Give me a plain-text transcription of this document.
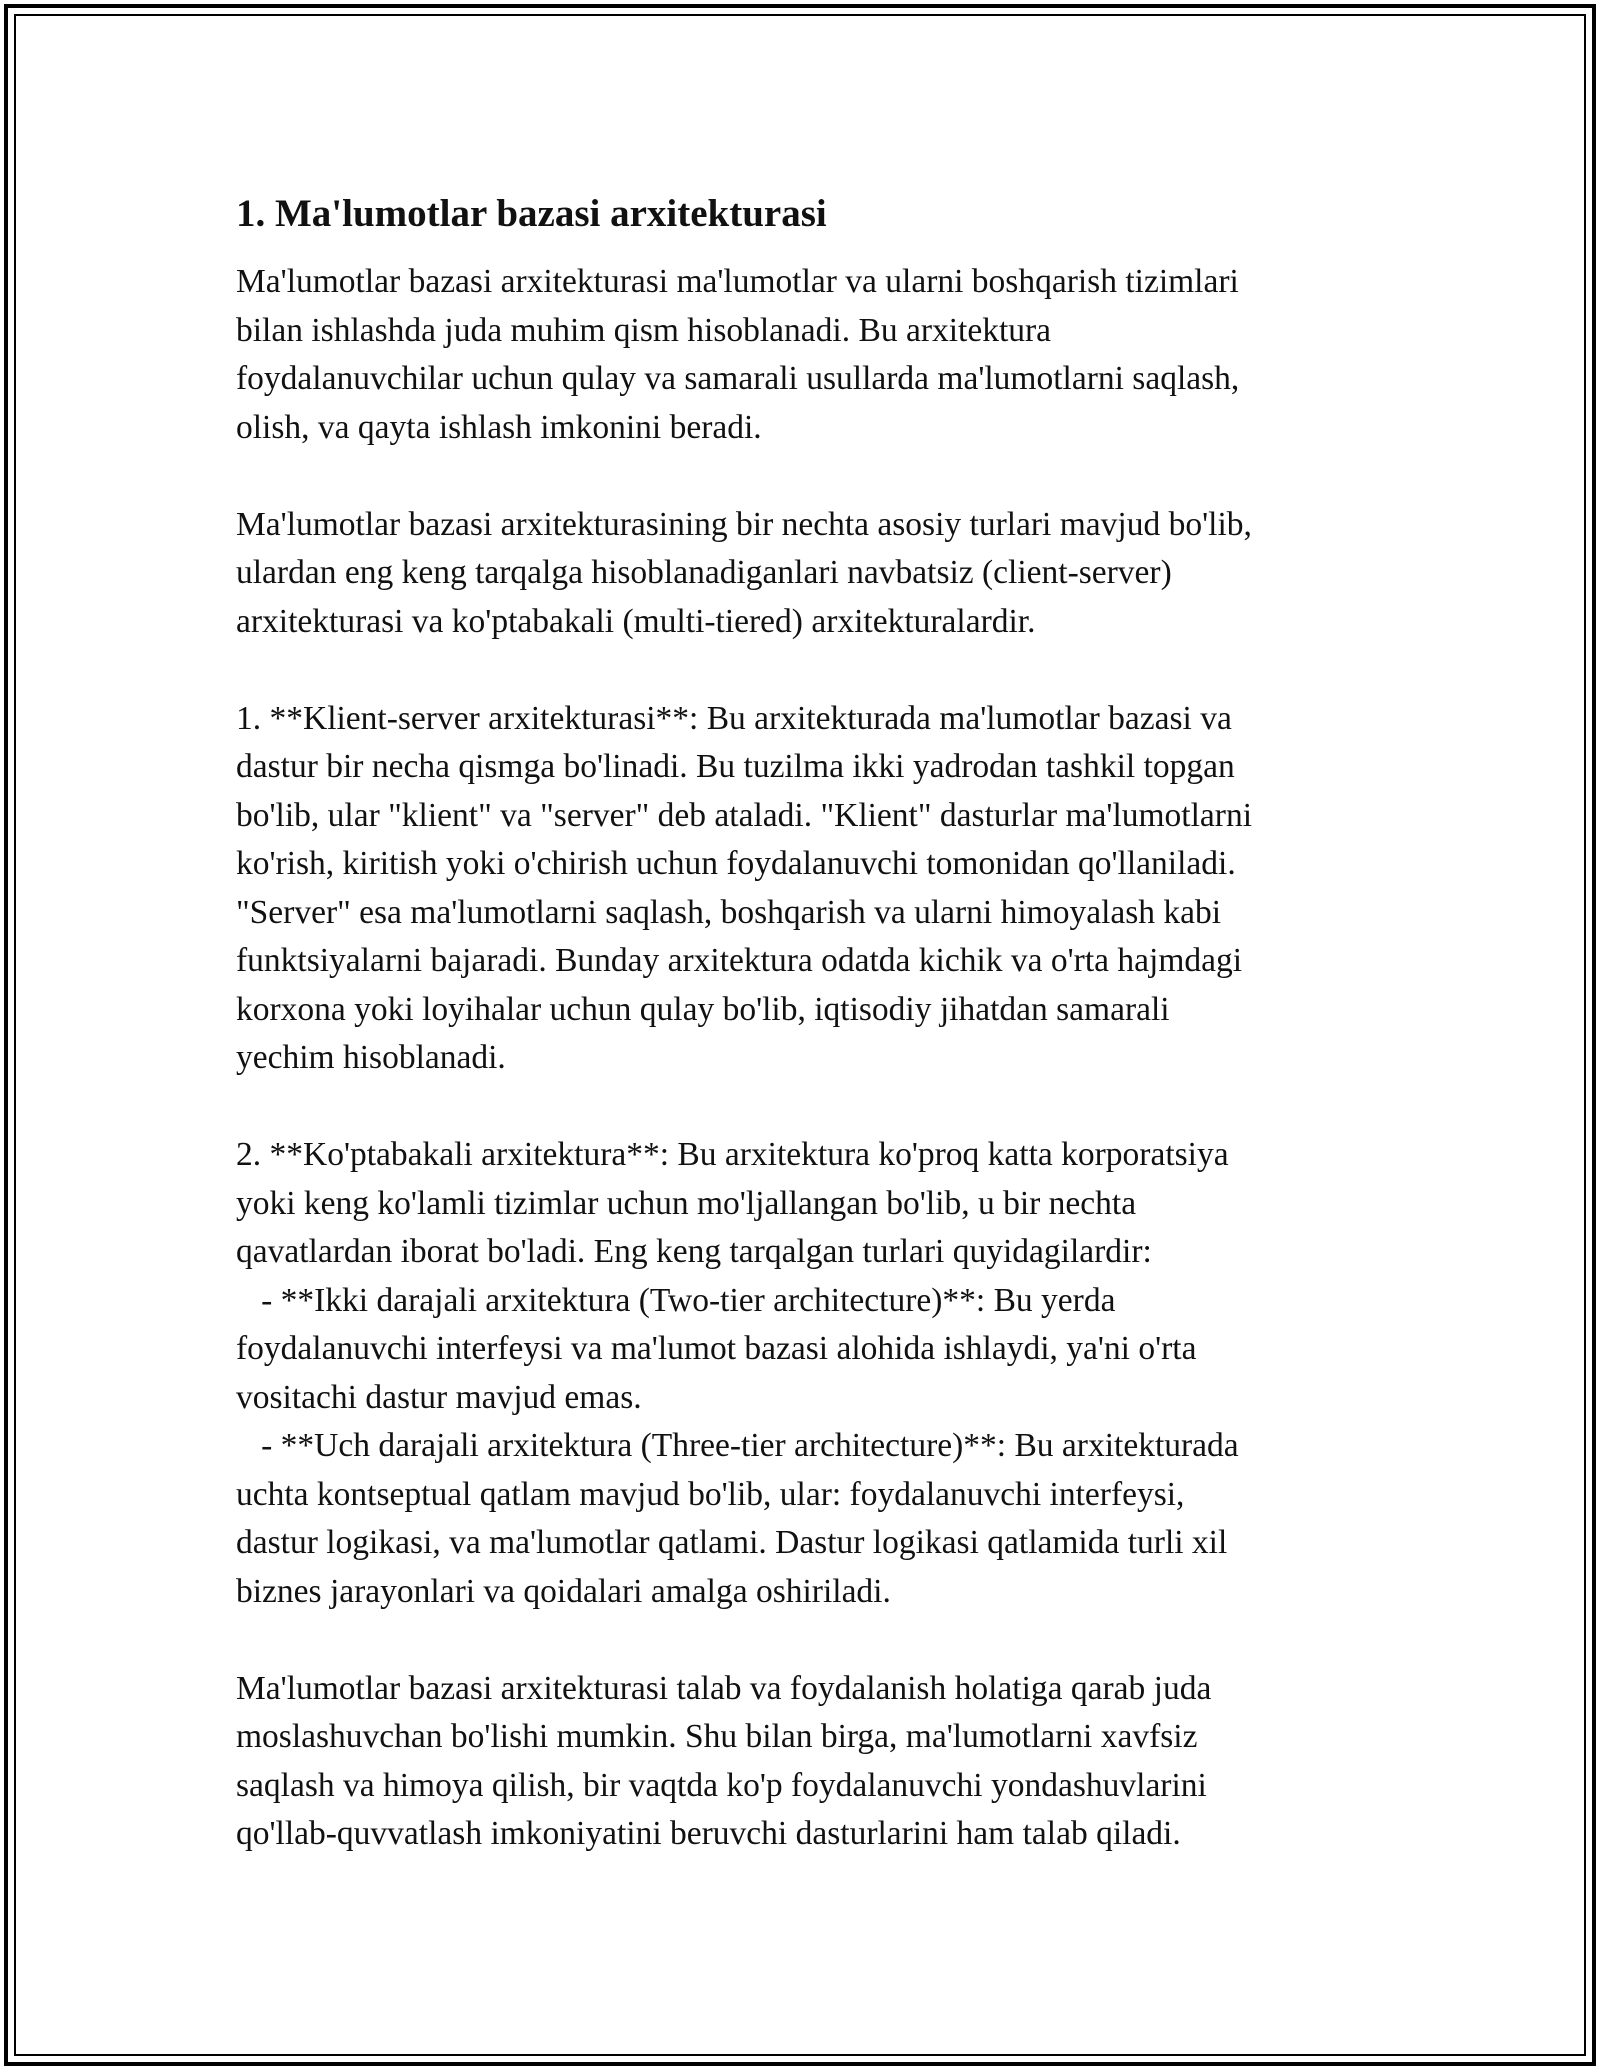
1. Ma'lumotlar bazasi arxitekturasi
Ma'lumotlar bazasi arxitekturasi ma'lumotlar va ularni boshqarish tizimlari
bilan ishlashda juda muhim qism hisoblanadi. Bu arxitektura
foydalanuvchilar uchun qulay va samarali usullarda ma'lumotlarni saqlash,
olish, va qayta ishlash imkonini beradi.
Ma'lumotlar bazasi arxitekturasining bir nechta asosiy turlari mavjud bo'lib,
ulardan eng keng tarqalga hisoblanadiganlari navbatsiz (client-server)
arxitekturasi va ko'ptabakali (multi-tiered) arxitekturalardir.
1. **Klient-server arxitekturasi**: Bu arxitekturada ma'lumotlar bazasi va
dastur bir necha qismga bo'linadi. Bu tuzilma ikki yadrodan tashkil topgan
bo'lib, ular "klient" va "server" deb ataladi. "Klient" dasturlar ma'lumotlarni
ko'rish, kiritish yoki o'chirish uchun foydalanuvchi tomonidan qo'llaniladi.
"Server" esa ma'lumotlarni saqlash, boshqarish va ularni himoyalash kabi
funktsiyalarni bajaradi. Bunday arxitektura odatda kichik va o'rta hajmdagi
korxona yoki loyihalar uchun qulay bo'lib, iqtisodiy jihatdan samarali
yechim hisoblanadi.
2. **Ko'ptabakali arxitektura**: Bu arxitektura ko'proq katta korporatsiya
yoki keng ko'lamli tizimlar uchun mo'ljallangan bo'lib, u bir nechta
qavatlardan iborat bo'ladi. Eng keng tarqalgan turlari quyidagilardir:
- **Ikki darajali arxitektura (Two-tier architecture)**: Bu yerda
foydalanuvchi interfeysi va ma'lumot bazasi alohida ishlaydi, ya'ni o'rta
vositachi dastur mavjud emas.
- **Uch darajali arxitektura (Three-tier architecture)**: Bu arxitekturada
uchta kontseptual qatlam mavjud bo'lib, ular: foydalanuvchi interfeysi,
dastur logikasi, va ma'lumotlar qatlami. Dastur logikasi qatlamida turli xil
biznes jarayonlari va qoidalari amalga oshiriladi.
Ma'lumotlar bazasi arxitekturasi talab va foydalanish holatiga qarab juda
moslashuvchan bo'lishi mumkin. Shu bilan birga, ma'lumotlarni xavfsiz
saqlash va himoya qilish, bir vaqtda ko'p foydalanuvchi yondashuvlarini
qo'llab-quvvatlash imkoniyatini beruvchi dasturlarini ham talab qiladi.
